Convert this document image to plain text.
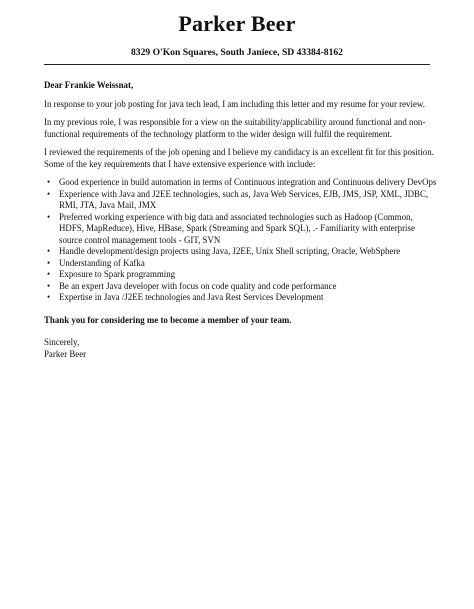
Parker Beer
8329 O'Kon Squares, South Janiece, SD 43384-8162

Dear Frankie Weissnat,

In response to your job posting for java tech lead, I am including this letter and my resume for your review.

In my previous role, I was responsible for a view on the suitability/applicability around functional and non-functional requirements of the technology platform to the wider design will fulfil the requirement.

I reviewed the requirements of the job opening and I believe my candidacy is an excellent fit for this position. Some of the key requirements that I have extensive experience with include:

• Good experience in build automation in terms of Continuous integration and Continuous delivery DevOps
• Experience with Java and J2EE technologies, such as, Java Web Services, EJB, JMS, JSP, XML, JDBC, RMI, JTA, Java Mail, JMX
• Preferred working experience with big data and associated technologies such as Hadoop (Common, HDFS, MapReduce), Hive, HBase, Spark (Streaming and Spark SQL), .- Familiarity with enterprise source control management tools - GIT, SVN
• Handle development/design projects using Java, J2EE, Unix Shell scripting, Oracle, WebSphere
• Understanding of Kafka
• Exposure to Spark programming
• Be an expert Java developer with focus on code quality and code performance
• Expertise in Java /J2EE technologies and Java Rest Services Development

Thank you for considering me to become a member of your team.

Sincerely,

Parker Beer
